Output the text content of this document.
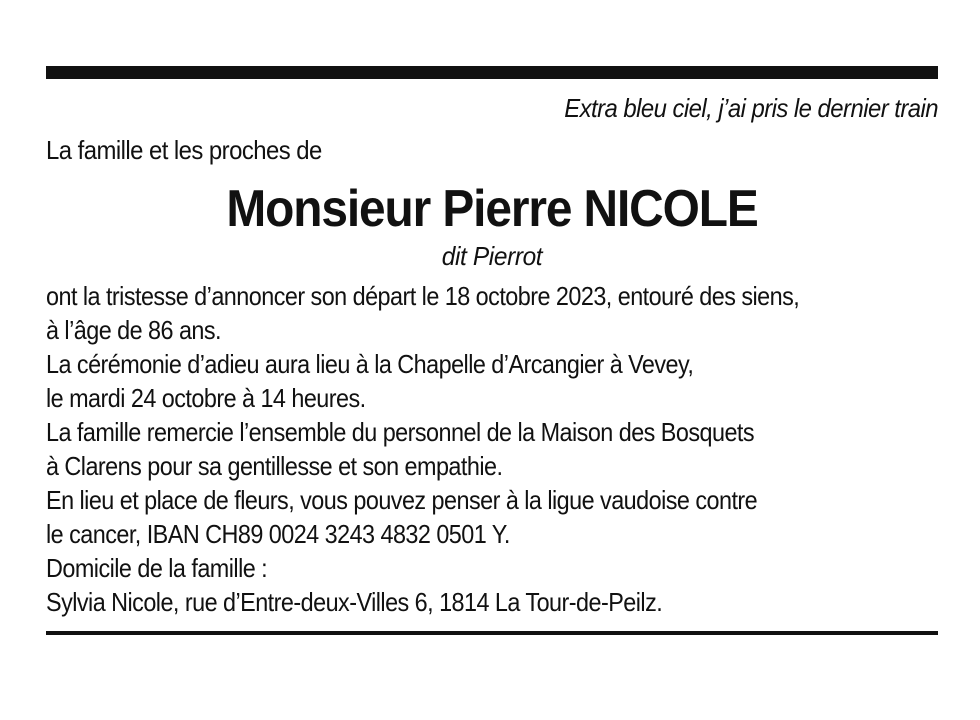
Extra bleu ciel, j’ai pris le dernier train
La famille et les proches de
Monsieur Pierre NICOLE
dit Pierrot
ont la tristesse d’annoncer son départ le 18 octobre 2023, entouré des siens,
à l’âge de 86 ans.
La cérémonie d’adieu aura lieu à la Chapelle d’Arcangier à Vevey,
le mardi 24 octobre à 14 heures.
La famille remercie l’ensemble du personnel de la Maison des Bosquets
à Clarens pour sa gentillesse et son empathie.
En lieu et place de fleurs, vous pouvez penser à la ligue vaudoise contre
le cancer, IBAN CH89 0024 3243 4832 0501 Y.
Domicile de la famille :
Sylvia Nicole, rue d’Entre-deux-Villes 6, 1814 La Tour-de-Peilz.
